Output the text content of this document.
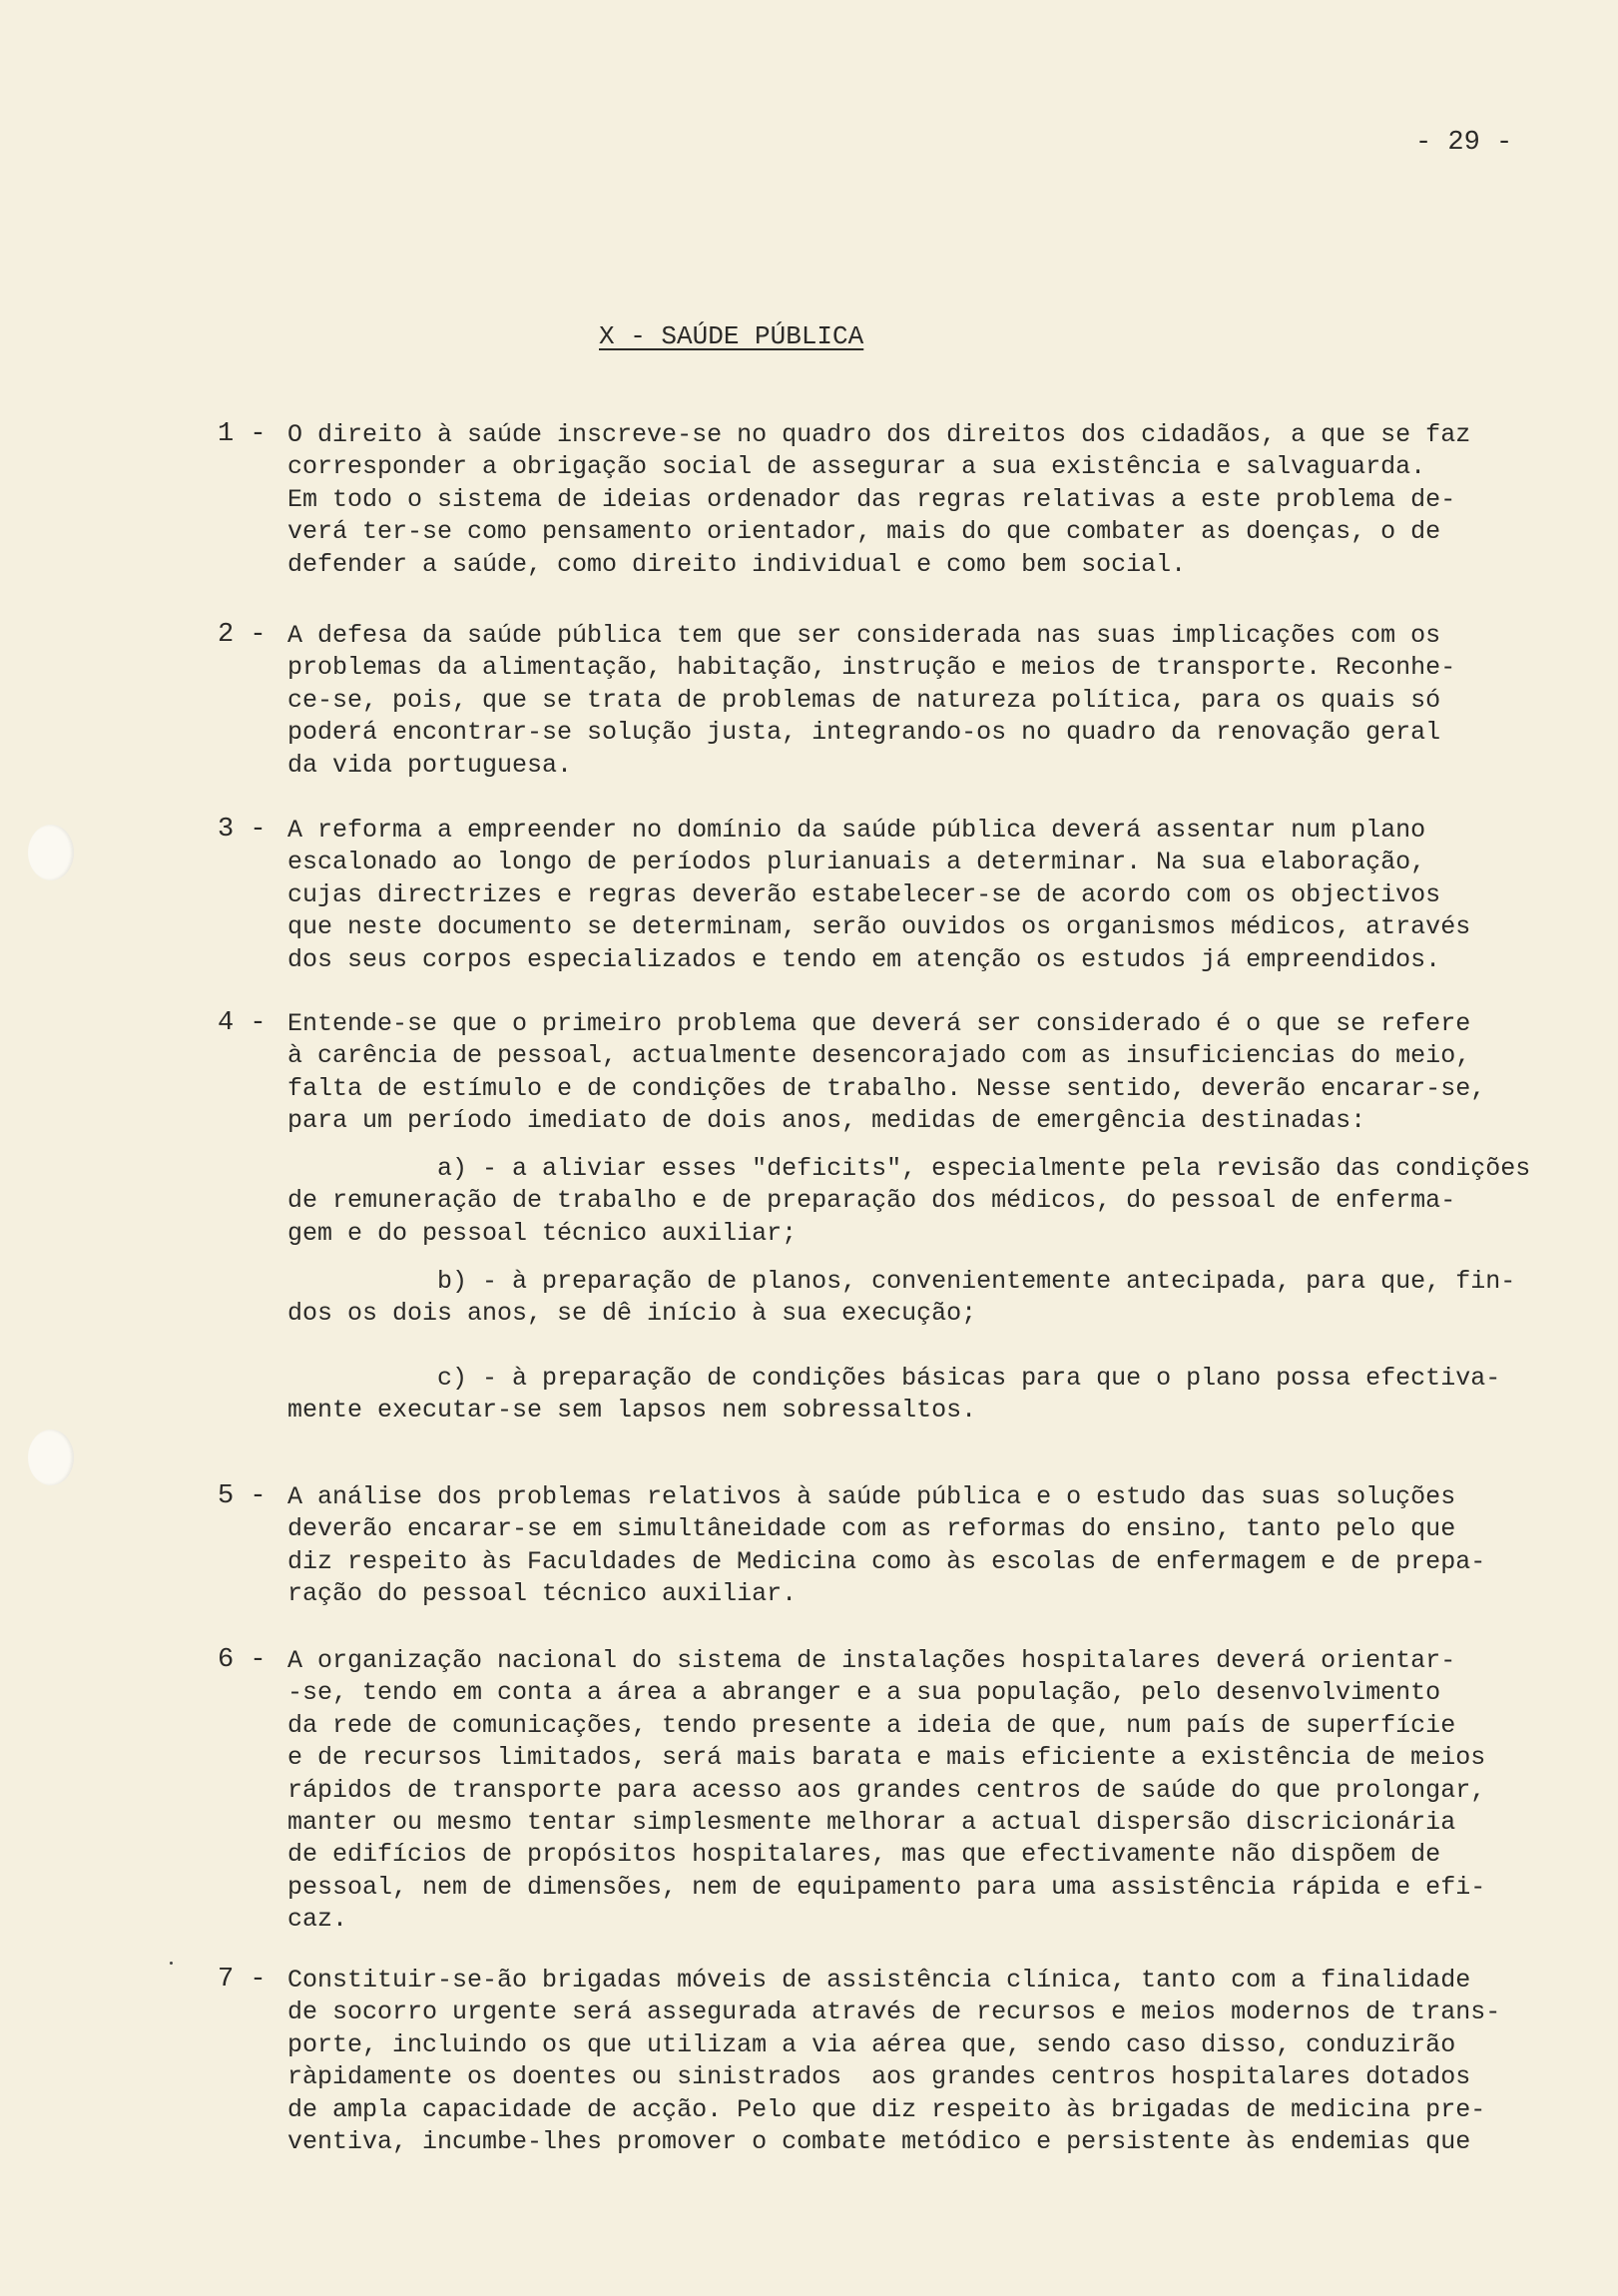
- 29 -
X - SAÚDE PÚBLICA
1 - O direito à saúde inscreve-se no quadro dos direitos dos cidadãos, a que se faz
corresponder a obrigação social de assegurar a sua existência e salvaguarda.
Em todo o sistema de ideias ordenador das regras relativas a este problema de-
verá ter-se como pensamento orientador, mais do que combater as doenças, o de
defender a saúde, como direito individual e como bem social.
2 - A defesa da saúde pública tem que ser considerada nas suas implicações com os
problemas da alimentação, habitação, instrução e meios de transporte. Reconhe-
ce-se, pois, que se trata de problemas de natureza política, para os quais só
poderá encontrar-se solução justa, integrando-os no quadro da renovação geral
da vida portuguesa.
3 - A reforma a empreender no domínio da saúde pública deverá assentar num plano
escalonado ao longo de períodos plurianuais a determinar. Na sua elaboração,
cujas directrizes e regras deverão estabelecer-se de acordo com os objectivos
que neste documento se determinam, serão ouvidos os organismos médicos, através
dos seus corpos especializados e tendo em atenção os estudos já empreendidos.
4 - Entende-se que o primeiro problema que deverá ser considerado é o que se refere
à carência de pessoal, actualmente desencorajado com as insuficiencias do meio,
falta de estímulo e de condições de trabalho. Nesse sentido, deverão encarar-se,
para um período imediato de dois anos, medidas de emergência destinadas:
a) - a aliviar esses "deficits", especialmente pela revisão das condições
de remuneração de trabalho e de preparação dos médicos, do pessoal de enferma-
gem e do pessoal técnico auxiliar;
b) - à preparação de planos, convenientemente antecipada, para que, fin-
dos os dois anos, se dê início à sua execução;
c) - à preparação de condições básicas para que o plano possa efectiva-
mente executar-se sem lapsos nem sobressaltos.
5 - A análise dos problemas relativos à saúde pública e o estudo das suas soluções
deverão encarar-se em simultâneidade com as reformas do ensino, tanto pelo que
diz respeito às Faculdades de Medicina como às escolas de enfermagem e de prepa-
ração do pessoal técnico auxiliar.
6 - A organização nacional do sistema de instalações hospitalares deverá orientar-
-se, tendo em conta a área a abranger e a sua população, pelo desenvolvimento
da rede de comunicações, tendo presente a ideia de que, num país de superfície
e de recursos limitados, será mais barata e mais eficiente a existência de meios
rápidos de transporte para acesso aos grandes centros de saúde do que prolongar,
manter ou mesmo tentar simplesmente melhorar a actual dispersão discricionária
de edifícios de propósitos hospitalares, mas que efectivamente não dispõem de
pessoal, nem de dimensões, nem de equipamento para uma assistência rápida e efi-
caz.
7 - Constituir-se-ão brigadas móveis de assistência clínica, tanto com a finalidade
de socorro urgente será assegurada através de recursos e meios modernos de trans-
porte, incluindo os que utilizam a via aérea que, sendo caso disso, conduzirão
ràpidamente os doentes ou sinistrados  aos grandes centros hospitalares dotados
de ampla capacidade de acção. Pelo que diz respeito às brigadas de medicina pre-
ventiva, incumbe-lhes promover o combate metódico e persistente às endemias que
